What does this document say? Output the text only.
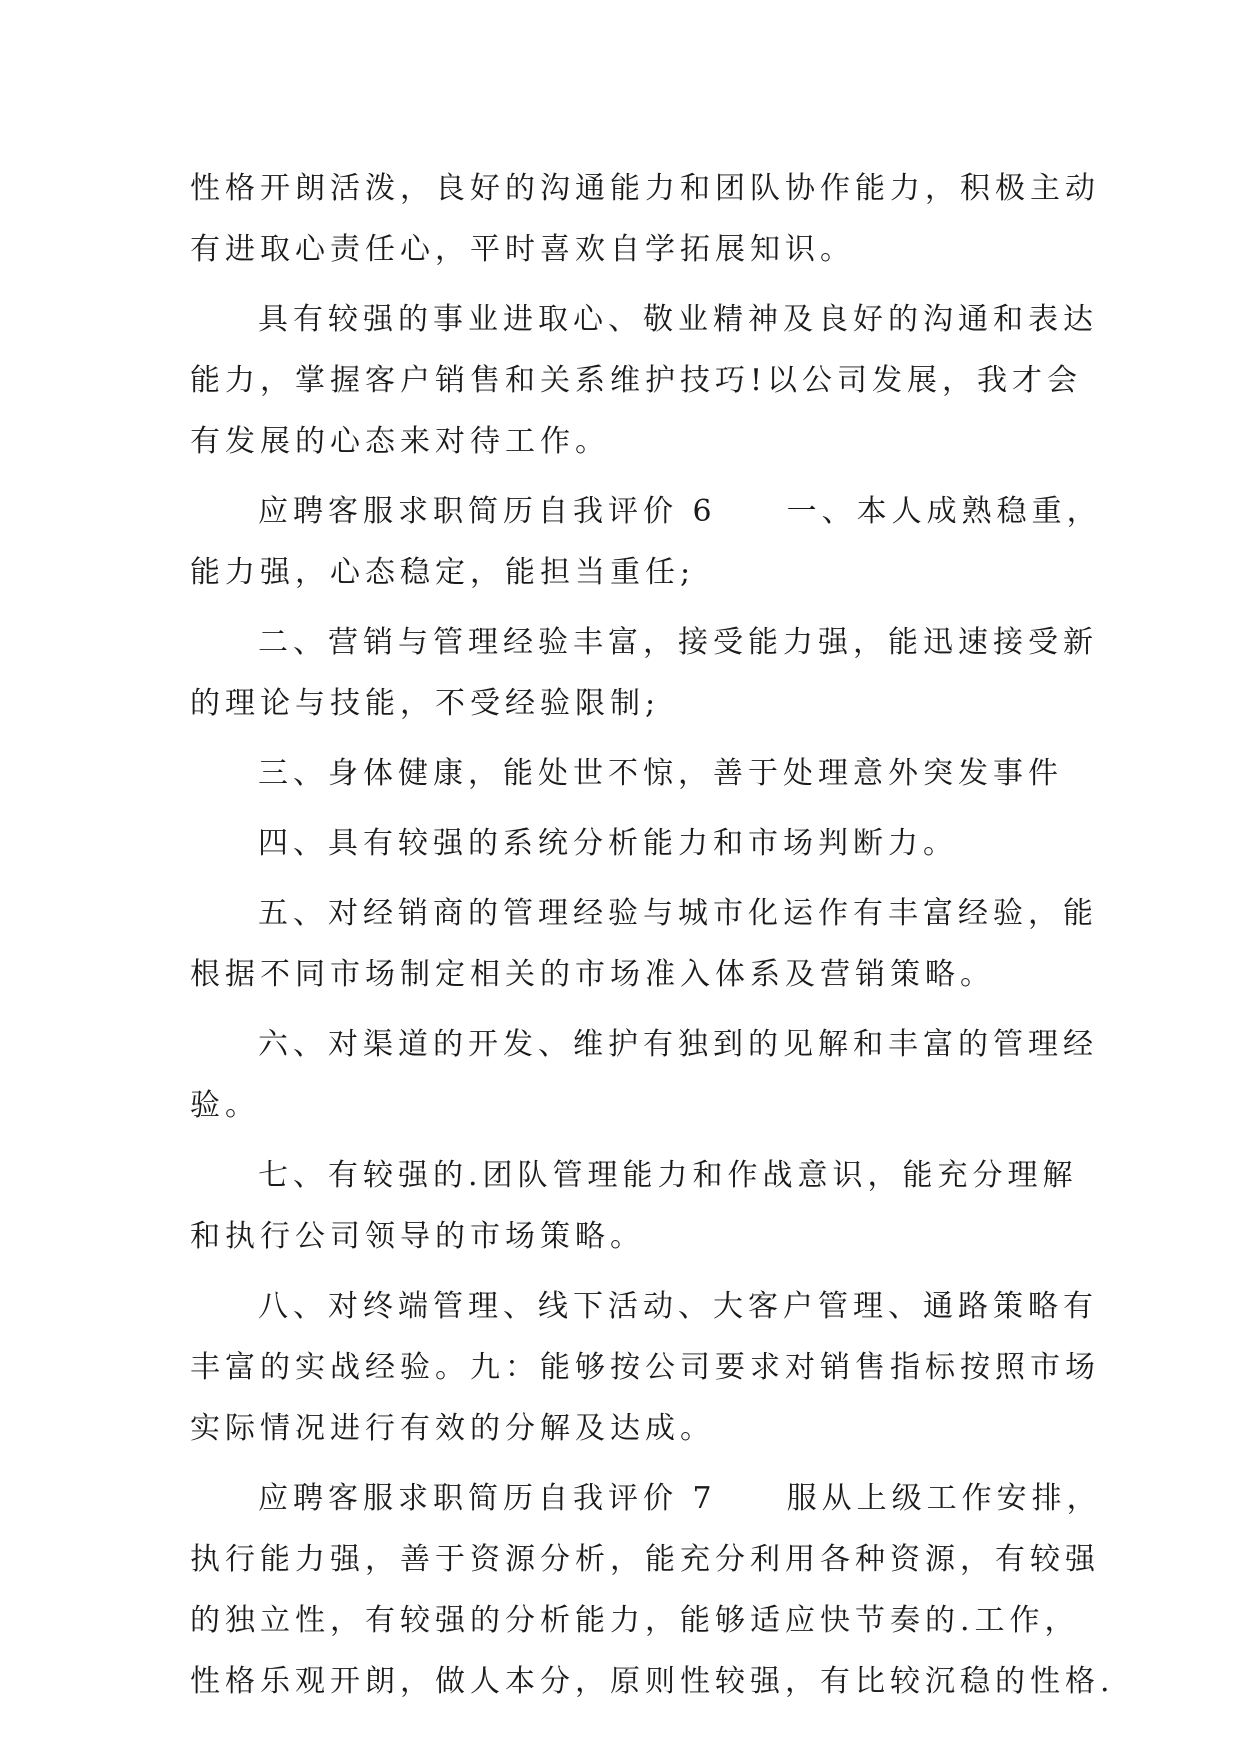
性格开朗活泼，良好的沟通能力和团队协作能力，积极主动
有进取心责任心，平时喜欢自学拓展知识。
具有较强的事业进取心、敬业精神及良好的沟通和表达
能力，掌握客户销售和关系维护技巧!以公司发展，我才会
有发展的心态来对待工作。
应聘客服求职简历自我评价 6　　一、本人成熟稳重，
能力强，心态稳定，能担当重任;
二、营销与管理经验丰富，接受能力强，能迅速接受新
的理论与技能，不受经验限制;
三、身体健康，能处世不惊，善于处理意外突发事件
四、具有较强的系统分析能力和市场判断力。
五、对经销商的管理经验与城市化运作有丰富经验，能
根据不同市场制定相关的市场准入体系及营销策略。
六、对渠道的开发、维护有独到的见解和丰富的管理经
验。
七、有较强的.团队管理能力和作战意识，能充分理解
和执行公司领导的市场策略。
八、对终端管理、线下活动、大客户管理、通路策略有
丰富的实战经验。九：能够按公司要求对销售指标按照市场
实际情况进行有效的分解及达成。
应聘客服求职简历自我评价 7　　服从上级工作安排，
执行能力强，善于资源分析，能充分利用各种资源，有较强
的独立性，有较强的分析能力，能够适应快节奏的.工作，
性格乐观开朗，做人本分，原则性较强，有比较沉稳的性格.
